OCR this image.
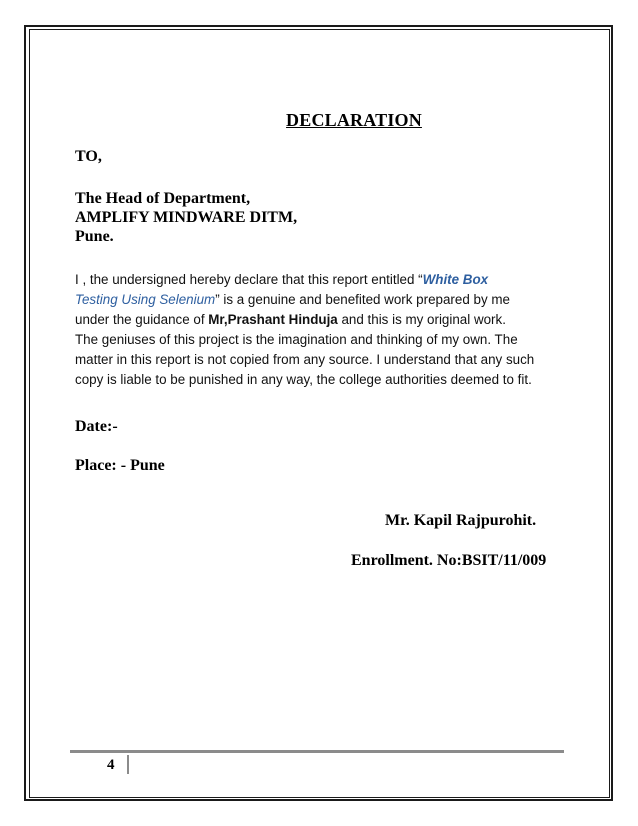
DECLARATION
TO,
The Head of Department,
AMPLIFY MINDWARE DITM,
Pune.
I , the undersigned hereby declare that this report entitled “White Box
Testing Using Selenium” is a genuine and benefited work prepared by me
under the guidance of Mr,Prashant Hinduja and this is my original work.
The geniuses of this project is the imagination and thinking of my own. The
matter in this report is not copied from any source. I understand that any such
copy is liable to be punished in any way, the college authorities deemed to fit.
Date:-
Place: - Pune
Mr. Kapil Rajpurohit.
Enrollment. No:BSIT/11/009
4
